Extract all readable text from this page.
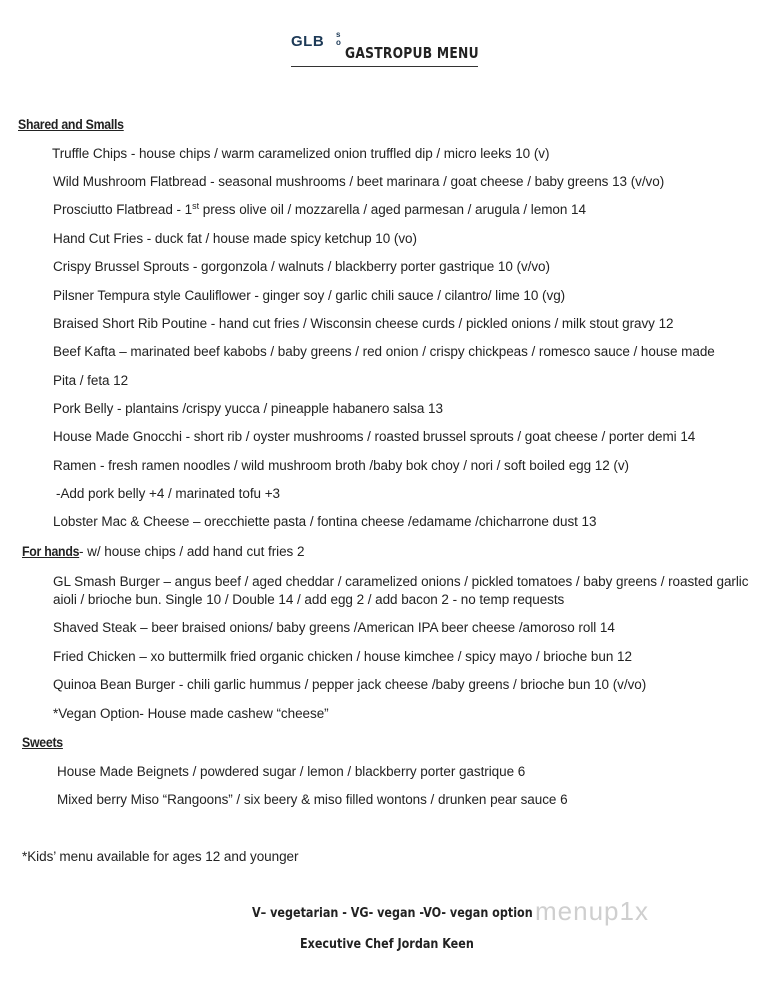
GLB s
o
GASTROPUB MENU
Shared and Smalls
Truffle Chips - house chips / warm caramelized onion truffled dip / micro leeks 10 (v)
Wild Mushroom Flatbread - seasonal mushrooms / beet marinara / goat cheese / baby greens 13 (v/vo)
Prosciutto Flatbread - 1st press olive oil / mozzarella / aged parmesan / arugula / lemon 14
Hand Cut Fries - duck fat / house made spicy ketchup 10 (vo)
Crispy Brussel Sprouts - gorgonzola / walnuts / blackberry porter gastrique 10 (v/vo)
Pilsner Tempura style Cauliflower - ginger soy / garlic chili sauce / cilantro/ lime 10 (vg)
Braised Short Rib Poutine - hand cut fries / Wisconsin cheese curds / pickled onions / milk stout gravy 12
Beef Kafta – marinated beef kabobs / baby greens / red onion / crispy chickpeas / romesco sauce / house made
Pita / feta 12
Pork Belly - plantains /crispy yucca / pineapple habanero salsa 13
House Made Gnocchi - short rib / oyster mushrooms / roasted brussel sprouts / goat cheese / porter demi 14
Ramen - fresh ramen noodles / wild mushroom broth /baby bok choy / nori / soft boiled egg 12 (v)
-Add pork belly +4 / marinated tofu +3
Lobster Mac & Cheese – orecchiette pasta / fontina cheese /edamame /chicharrone dust 13
For hands- w/ house chips / add hand cut fries 2
GL Smash Burger – angus beef / aged cheddar / caramelized onions / pickled tomatoes / baby greens / roasted garlic
aioli / brioche bun. Single 10 / Double 14 / add egg 2 / add bacon 2 - no temp requests
Shaved Steak – beer braised onions/ baby greens /American IPA beer cheese /amoroso roll 14
Fried Chicken – xo buttermilk fried organic chicken / house kimchee / spicy mayo / brioche bun 12
Quinoa Bean Burger - chili garlic hummus / pepper jack cheese /baby greens / brioche bun 10 (v/vo)
*Vegan Option- House made cashew “cheese”
Sweets
House Made Beignets / powdered sugar / lemon / blackberry porter gastrique 6
Mixed berry Miso “Rangoons” / six beery & miso filled wontons / drunken pear sauce 6
*Kids’ menu available for ages 12 and younger
V– vegetarian - VG- vegan -VO- vegan option
Executive Chef Jordan Keen
menup1x
